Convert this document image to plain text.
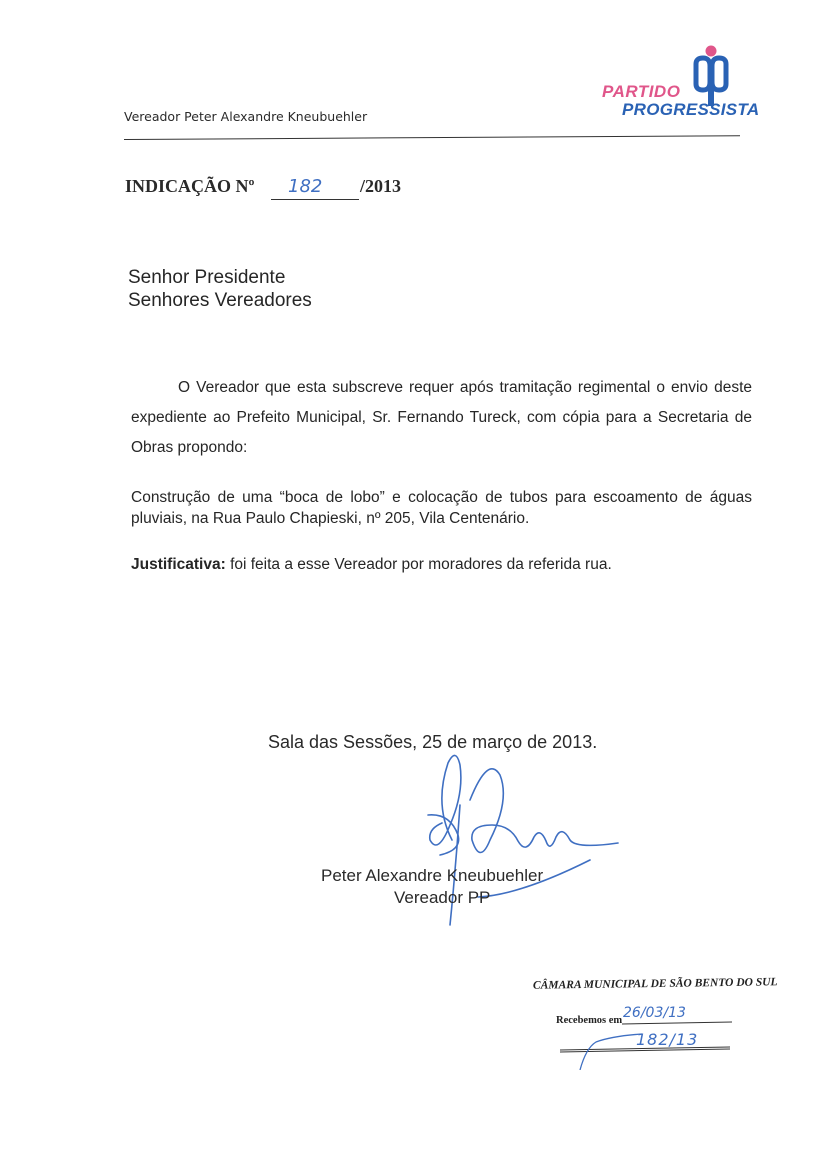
Vereador Peter Alexandre Kneubuehler
PARTIDO
PROGRESSISTA
INDICAÇÃO Nº 182 /2013
Senhor Presidente
Senhores Vereadores
O Vereador que esta subscreve requer após tramitação regimental o envio deste expediente ao Prefeito Municipal, Sr. Fernando Tureck, com cópia para a Secretaria de Obras propondo:
Construção de uma “boca de lobo” e colocação de tubos para escoamento de águas pluviais, na Rua Paulo Chapieski, nº 205, Vila Centenário.
Justificativa: foi feita a esse Vereador por moradores da referida rua.
Sala das Sessões, 25 de março de 2013.
Peter Alexandre Kneubuehler
Vereador PP
CÂMARA MUNICIPAL DE SÃO BENTO DO SUL
Recebemos em 26/03/13
182/13
